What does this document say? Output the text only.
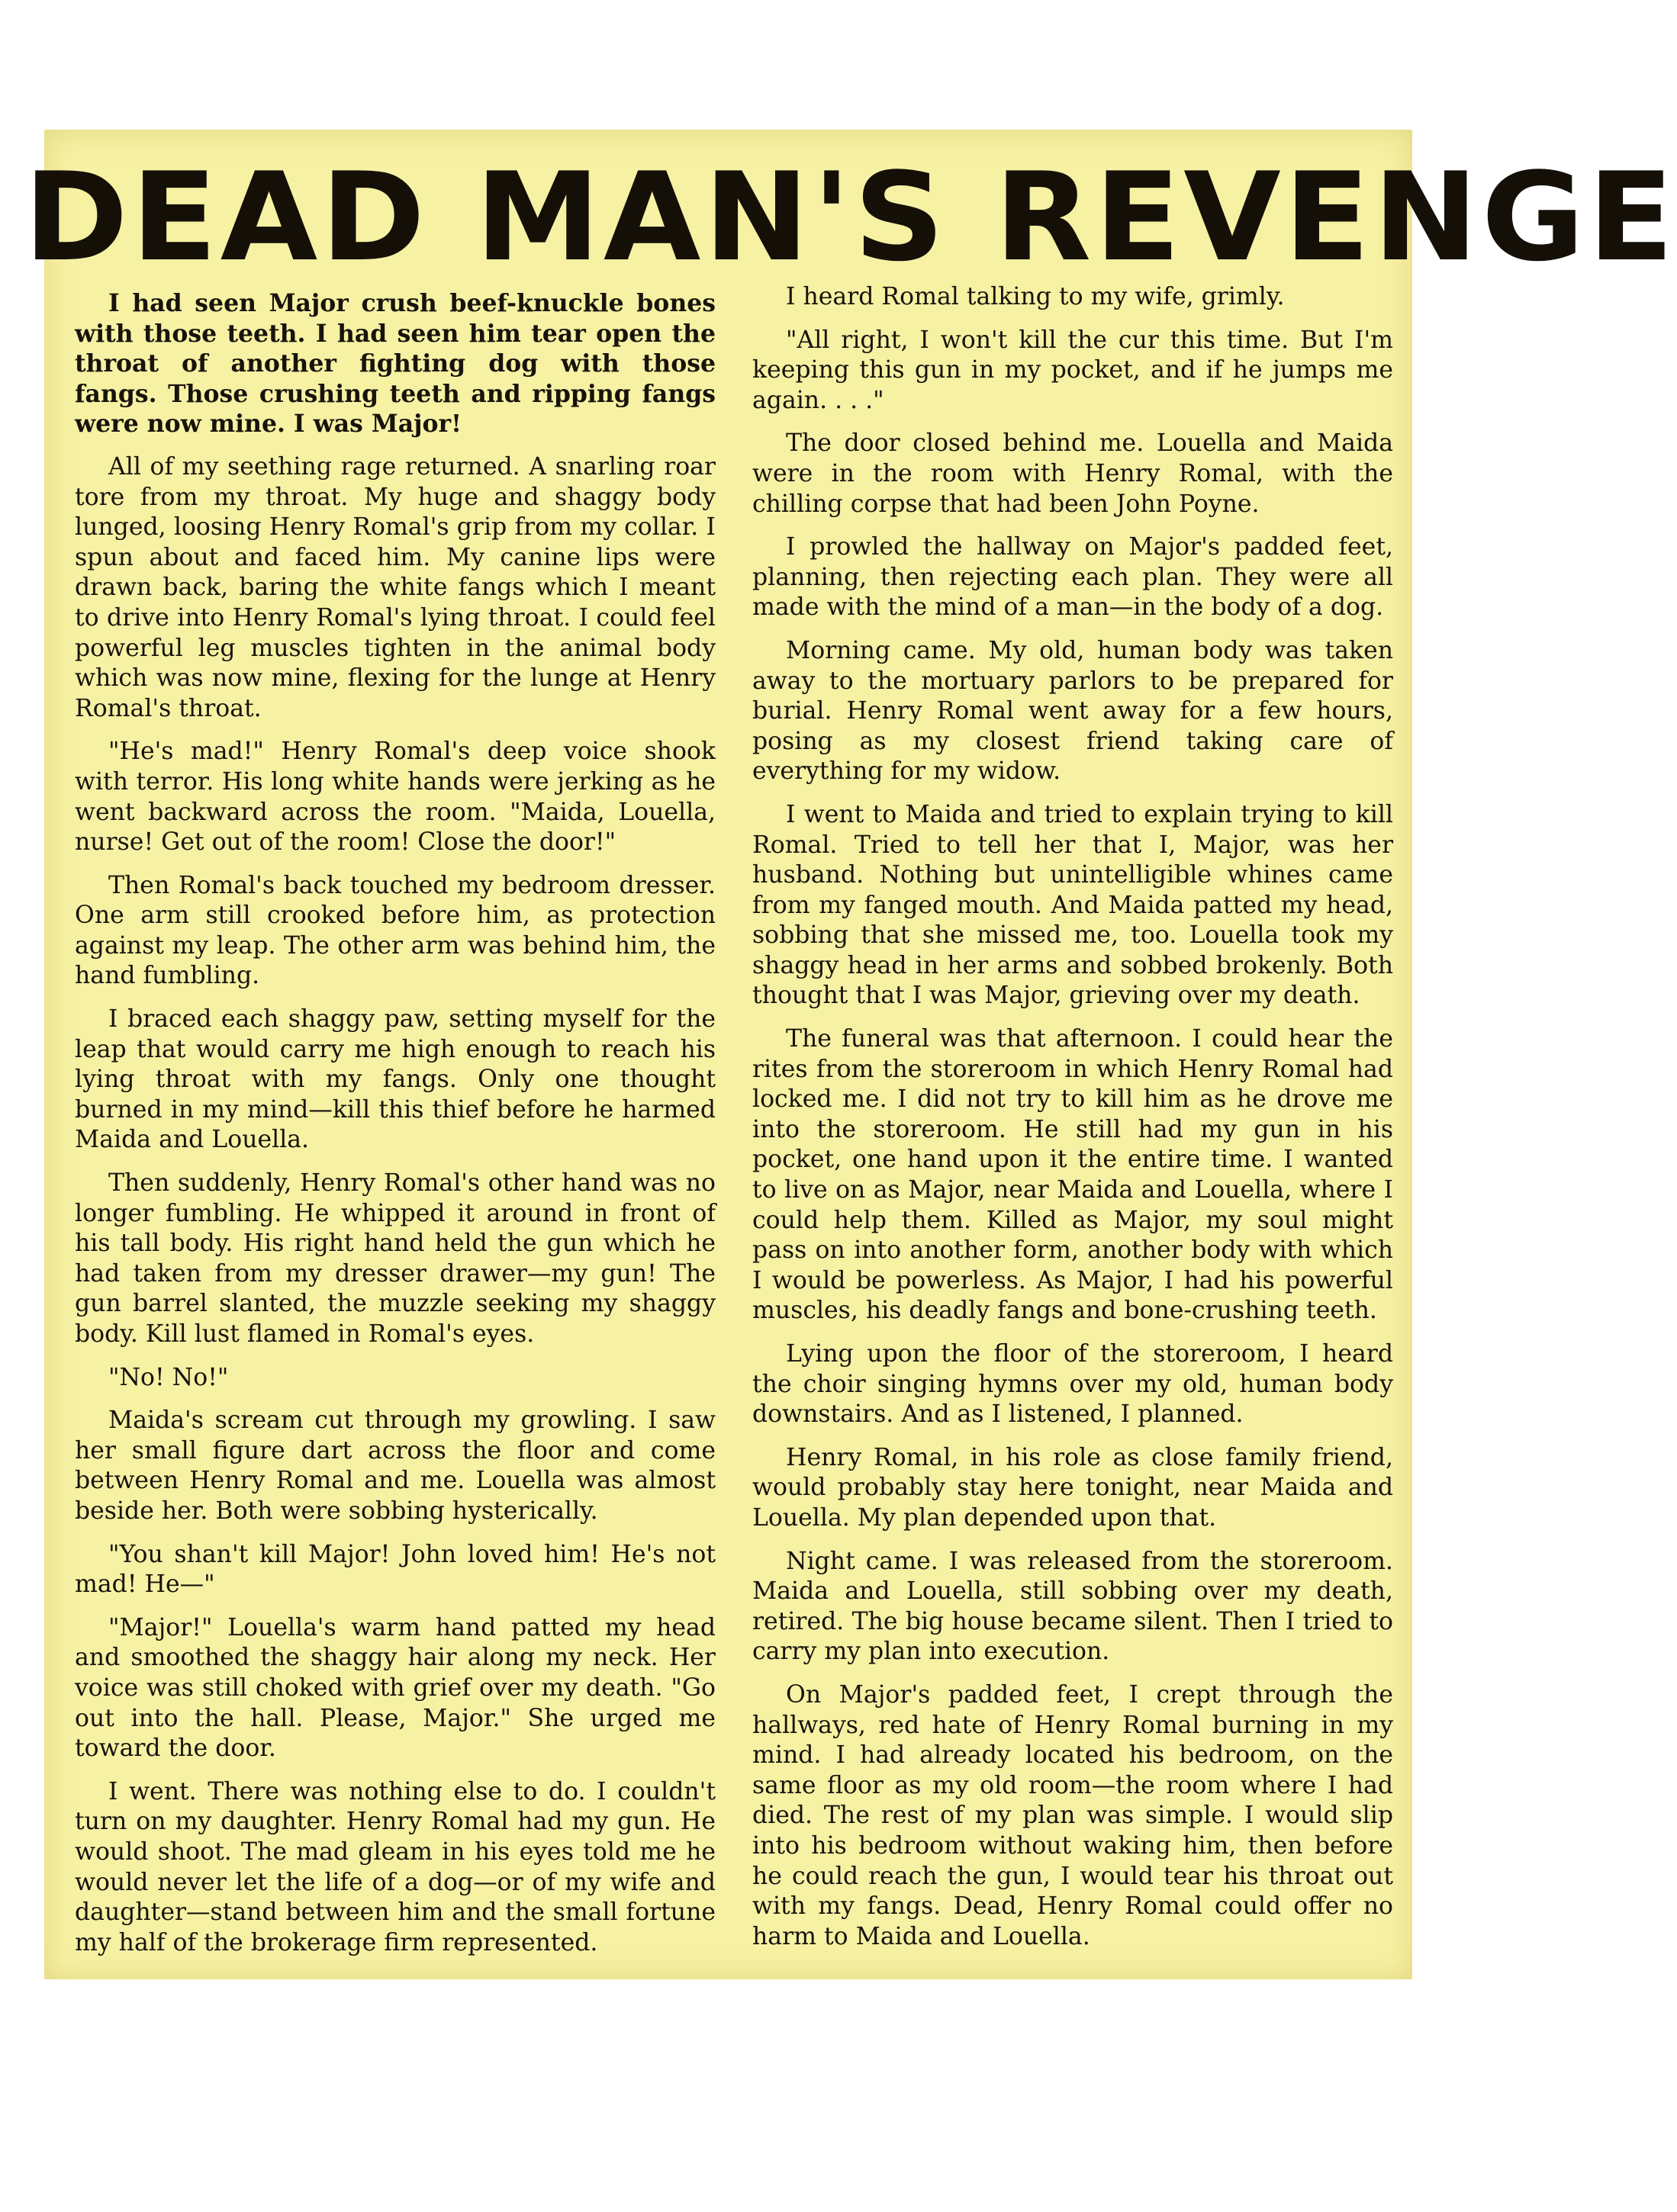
DEAD MAN'S REVENGE

I had seen Major crush beef-knuckle bones with those teeth. I had seen him tear open the throat of another fighting dog with those fangs. Those crushing teeth and ripping fangs were now mine. I was Major!

All of my seething rage returned. A snarling roar tore from my throat. My huge and shaggy body lunged, loosing Henry Romal's grip from my collar. I spun about and faced him. My canine lips were drawn back, baring the white fangs which I meant to drive into Henry Romal's lying throat. I could feel powerful leg muscles tighten in the animal body which was now mine, flexing for the lunge at Henry Romal's throat.

"He's mad!" Henry Romal's deep voice shook with terror. His long white hands were jerking as he went backward across the room. "Maida, Louella, nurse! Get out of the room! Close the door!"

Then Romal's back touched my bedroom dresser. One arm still crooked before him, as protection against my leap. The other arm was behind him, the hand fumbling.

I braced each shaggy paw, setting myself for the leap that would carry me high enough to reach his lying throat with my fangs. Only one thought burned in my mind—kill this thief before he harmed Maida and Louella.

Then suddenly, Henry Romal's other hand was no longer fumbling. He whipped it around in front of his tall body. His right hand held the gun which he had taken from my dresser drawer—my gun! The gun barrel slanted, the muzzle seeking my shaggy body. Kill lust flamed in Romal's eyes.

"No! No!"

Maida's scream cut through my growling. I saw her small figure dart across the floor and come between Henry Romal and me. Louella was almost beside her. Both were sobbing hysterically.

"You shan't kill Major! John loved him! He's not mad! He—"

"Major!" Louella's warm hand patted my head and smoothed the shaggy hair along my neck. Her voice was still choked with grief over my death. "Go out into the hall. Please, Major." She urged me toward the door.

I went. There was nothing else to do. I couldn't turn on my daughter. Henry Romal had my gun. He would shoot. The mad gleam in his eyes told me he would never let the life of a dog—or of my wife and daughter—stand between him and the small fortune my half of the brokerage firm represented.

I heard Romal talking to my wife, grimly.

"All right, I won't kill the cur this time. But I'm keeping this gun in my pocket, and if he jumps me again. . . ."

The door closed behind me. Louella and Maida were in the room with Henry Romal, with the chilling corpse that had been John Poyne.

I prowled the hallway on Major's padded feet, planning, then rejecting each plan. They were all made with the mind of a man—in the body of a dog.

Morning came. My old, human body was taken away to the mortuary parlors to be prepared for burial. Henry Romal went away for a few hours, posing as my closest friend taking care of everything for my widow.

I went to Maida and tried to explain trying to kill Romal. Tried to tell her that I, Major, was her husband. Nothing but unintelligible whines came from my fanged mouth. And Maida patted my head, sobbing that she missed me, too. Louella took my shaggy head in her arms and sobbed brokenly. Both thought that I was Major, grieving over my death.

The funeral was that afternoon. I could hear the rites from the storeroom in which Henry Romal had locked me. I did not try to kill him as he drove me into the storeroom. He still had my gun in his pocket, one hand upon it the entire time. I wanted to live on as Major, near Maida and Louella, where I could help them. Killed as Major, my soul might pass on into another form, another body with which I would be powerless. As Major, I had his powerful muscles, his deadly fangs and bone-crushing teeth.

Lying upon the floor of the storeroom, I heard the choir singing hymns over my old, human body downstairs. And as I listened, I planned.

Henry Romal, in his role as close family friend, would probably stay here tonight, near Maida and Louella. My plan depended upon that.

Night came. I was released from the storeroom. Maida and Louella, still sobbing over my death, retired. The big house became silent. Then I tried to carry my plan into execution.

On Major's padded feet, I crept through the hallways, red hate of Henry Romal burning in my mind. I had already located his bedroom, on the same floor as my old room—the room where I had died. The rest of my plan was simple. I would slip into his bedroom without waking him, then before he could reach the gun, I would tear his throat out with my fangs. Dead, Henry Romal could offer no harm to Maida and Louella.
